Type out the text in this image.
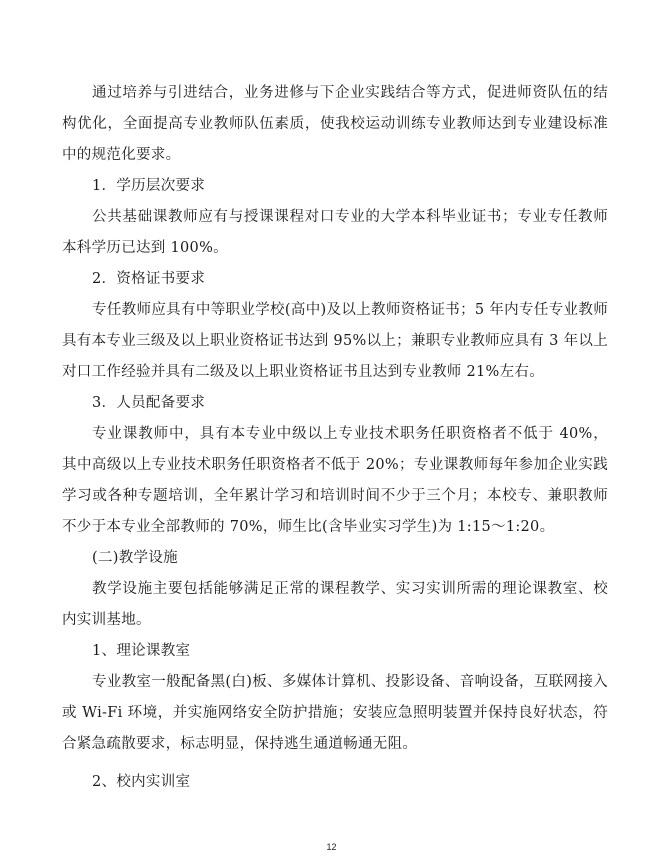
通过培养与引进结合，业务进修与下企业实践结合等方式，促进师资队伍的结构优化，全面提高专业教师队伍素质，使我校运动训练专业教师达到专业建设标准中的规范化要求。

1．学历层次要求

公共基础课教师应有与授课课程对口专业的大学本科毕业证书；专业专任教师本科学历已达到 100%。

2．资格证书要求

专任教师应具有中等职业学校(高中)及以上教师资格证书；5 年内专任专业教师具有本专业三级及以上职业资格证书达到 95%以上；兼职专业教师应具有 3 年以上对口工作经验并具有二级及以上职业资格证书且达到专业教师 21%左右。

3．人员配备要求

专业课教师中，具有本专业中级以上专业技术职务任职资格者不低于 40%， 其中高级以上专业技术职务任职资格者不低于 20%；专业课教师每年参加企业实践学习或各种专题培训，全年累计学习和培训时间不少于三个月；本校专、兼职教师不少于本专业全部教师的 70%，师生比(含毕业实习学生)为 1:15～1:20。

(二)教学设施

教学设施主要包括能够满足正常的课程教学、实习实训所需的理论课教室、校内实训基地。

1、理论课教室

专业教室一般配备黑(白)板、多媒体计算机、投影设备、音响设备，互联网接入或 Wi-Fi 环境，并实施网络安全防护措施；安装应急照明装置并保持良好状态，符合紧急疏散要求，标志明显，保持逃生通道畅通无阻。

2、校内实训室

12
